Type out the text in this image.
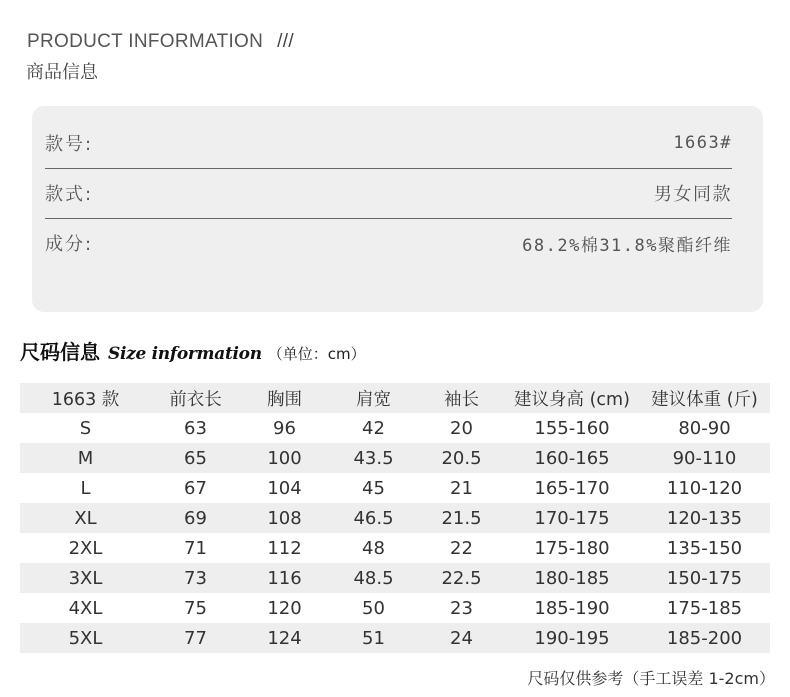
PRODUCT INFORMATION ///
商品信息
款号:	1663#
款式:	男女同款
成分:	68.2%棉31.8%聚酯纤维
尺码信息 Size information （单位：cm）
1663 款	前衣长	胸围	肩宽	袖长	建议身高 (cm)	建议体重 (斤)
S	63	96	42	20	155-160	80-90
M	65	100	43.5	20.5	160-165	90-110
L	67	104	45	21	165-170	110-120
XL	69	108	46.5	21.5	170-175	120-135
2XL	71	112	48	22	175-180	135-150
3XL	73	116	48.5	22.5	180-185	150-175
4XL	75	120	50	23	185-190	175-185
5XL	77	124	51	24	190-195	185-200
尺码仅供参考（手工误差 1-2cm）
